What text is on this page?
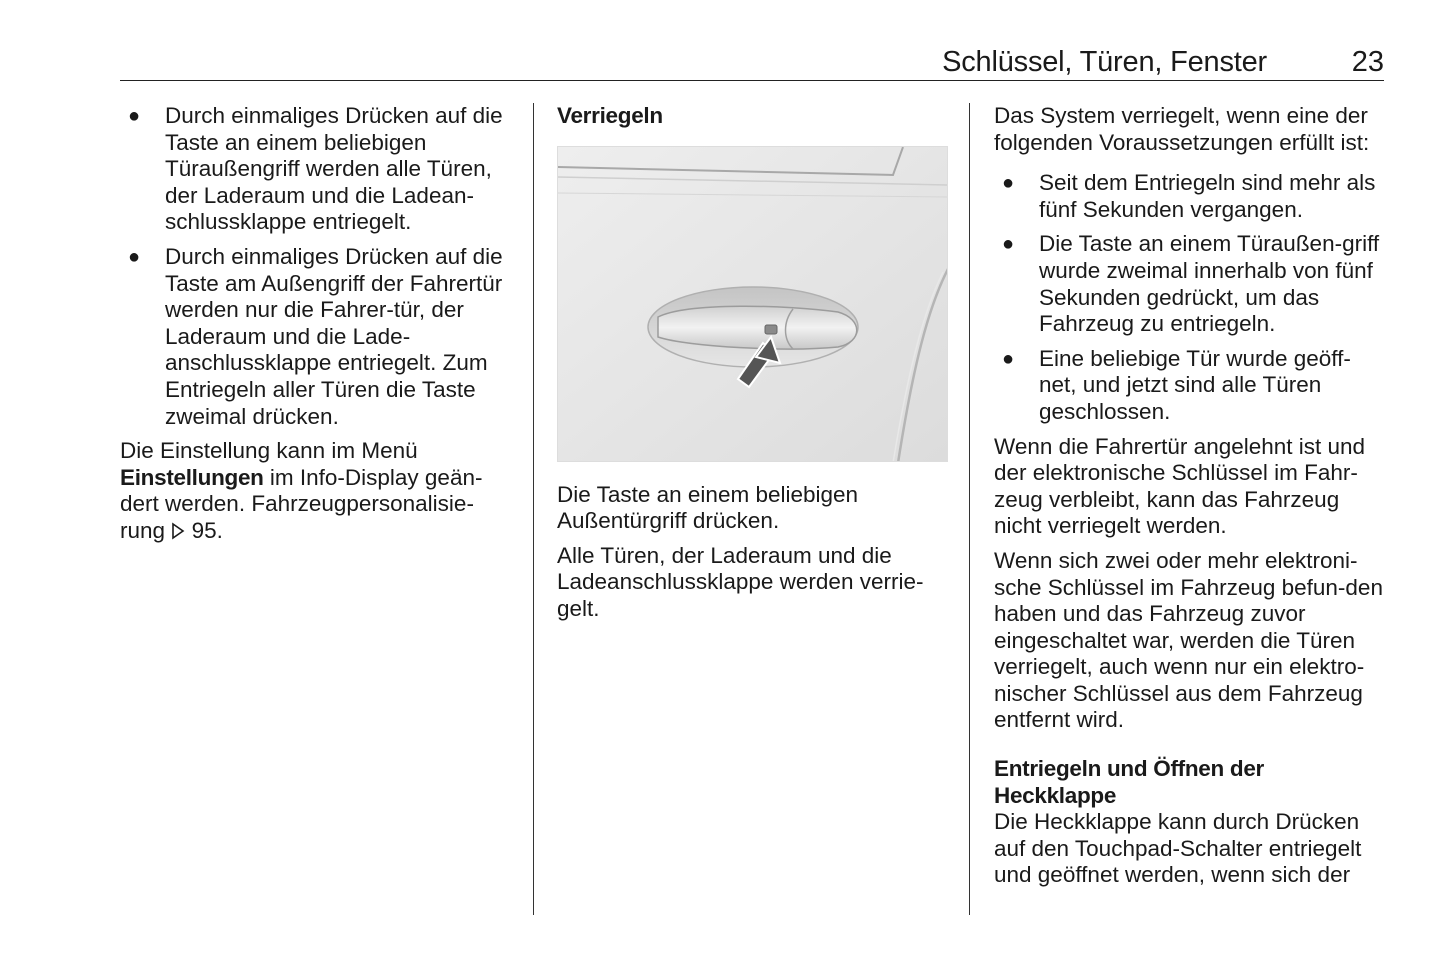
Schlüssel, Türen, Fenster	23
● Durch einmaliges Drücken auf die Taste an einem beliebigen Türaußengriff werden alle Türen, der Laderaum und die Ladean-schlussklappe entriegelt.
● Durch einmaliges Drücken auf die Taste am Außengriff der Fahrertür werden nur die Fahrer-tür, der Laderaum und die Lade-anschlussklappe entriegelt. Zum Entriegeln aller Türen die Taste zweimal drücken.

Die Einstellung kann im Menü Einstellungen im Info-Display geän-dert werden. Fahrzeugpersonalisie-rung 95.

Verriegeln

Die Taste an einem beliebigen Außentürgriff drücken.

Alle Türen, der Laderaum und die Ladeanschlussklappe werden verrie-gelt.

Das System verriegelt, wenn eine der folgenden Voraussetzungen erfüllt ist:

● Seit dem Entriegeln sind mehr als fünf Sekunden vergangen.
● Die Taste an einem Türaußen-griff wurde zweimal innerhalb von fünf Sekunden gedrückt, um das Fahrzeug zu entriegeln.
● Eine beliebige Tür wurde geöff-net, und jetzt sind alle Türen geschlossen.

Wenn die Fahrertür angelehnt ist und der elektronische Schlüssel im Fahr-zeug verbleibt, kann das Fahrzeug nicht verriegelt werden.

Wenn sich zwei oder mehr elektroni-sche Schlüssel im Fahrzeug befun-den haben und das Fahrzeug zuvor eingeschaltet war, werden die Türen verriegelt, auch wenn nur ein elektro-nischer Schlüssel aus dem Fahrzeug entfernt wird.

Entriegeln und Öffnen der Heckklappe

Die Heckklappe kann durch Drücken auf den Touchpad-Schalter entriegelt und geöffnet werden, wenn sich der
